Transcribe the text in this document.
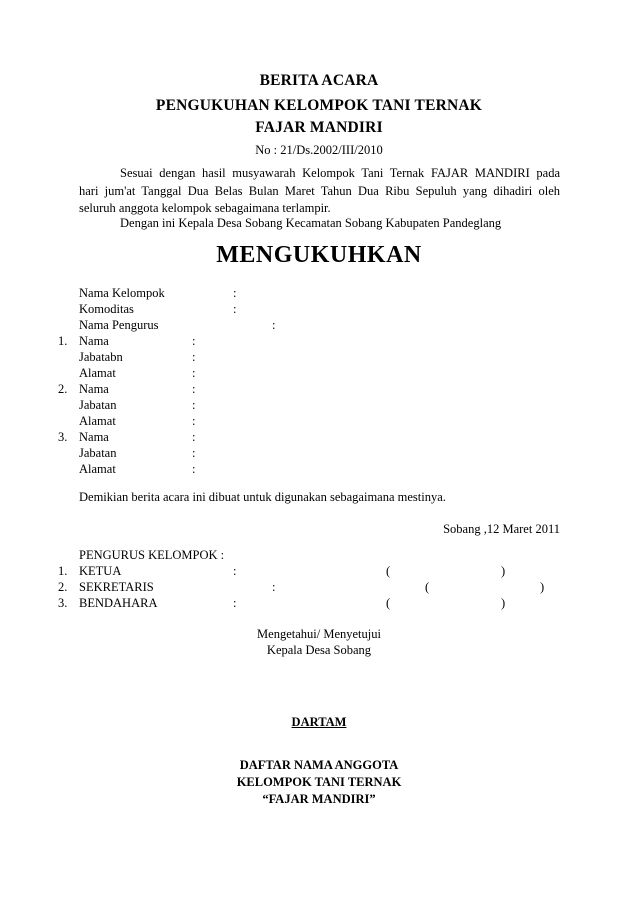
BERITA ACARA
PENGUKUHAN KELOMPOK TANI TERNAK
FAJAR MANDIRI
No : 21/Ds.2002/III/2010
Sesuai dengan hasil musyawarah Kelompok Tani Ternak FAJAR MANDIRI pada
hari jum'at Tanggal Dua Belas Bulan Maret Tahun Dua Ribu Sepuluh yang dihadiri oleh
seluruh anggota kelompok sebagaimana terlampir.
Dengan ini Kepala Desa Sobang Kecamatan Sobang Kabupaten Pandeglang
MENGUKUHKAN
Nama Kelompok	:
Komoditas	:
Nama Pengurus	:
1. Nama	:
Jabatabn	:
Alamat	:
2. Nama	:
Jabatan	:
Alamat	:
3. Nama	:
Jabatan	:
Alamat	:
Demikian berita acara ini dibuat untuk digunakan sebagaimana mestinya.
Sobang ,12 Maret 2011
PENGURUS KELOMPOK :
1. KETUA	:	(	)
2. SEKRETARIS	:	(	)
3. BENDAHARA	:	(	)
Mengetahui/ Menyetujui
Kepala Desa Sobang
DARTAM
DAFTAR NAMA ANGGOTA
KELOMPOK TANI TERNAK
“FAJAR MANDIRI”
